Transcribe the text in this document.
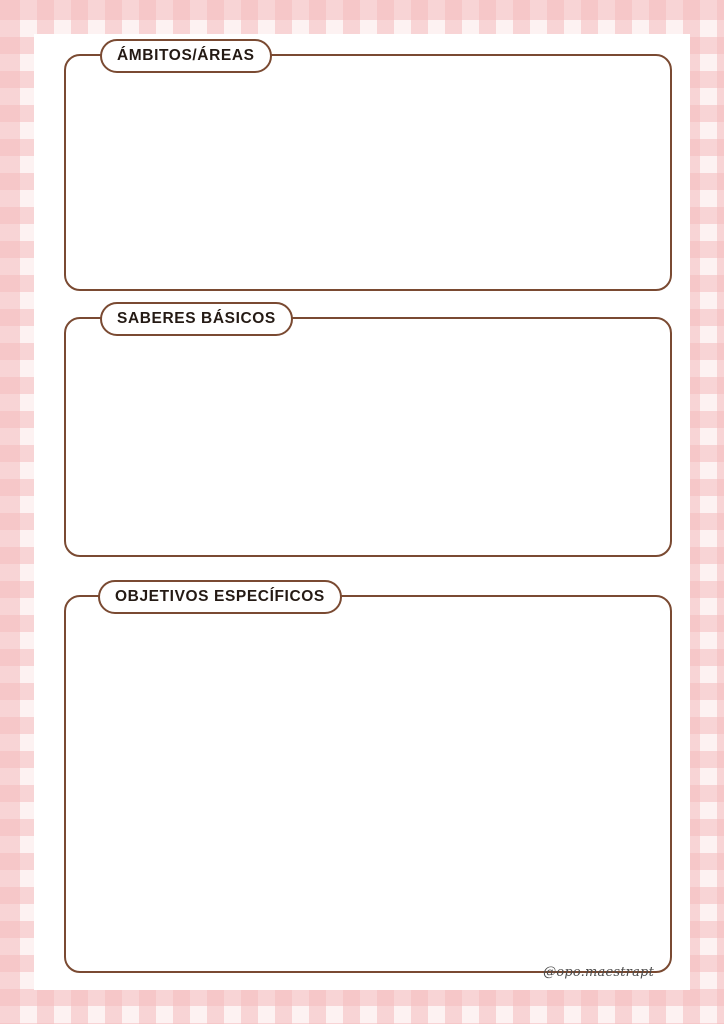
ÁMBITOS/ÁREAS
SABERES BÁSICOS
OBJETIVOS ESPECÍFICOS
@opo.maestrapt
